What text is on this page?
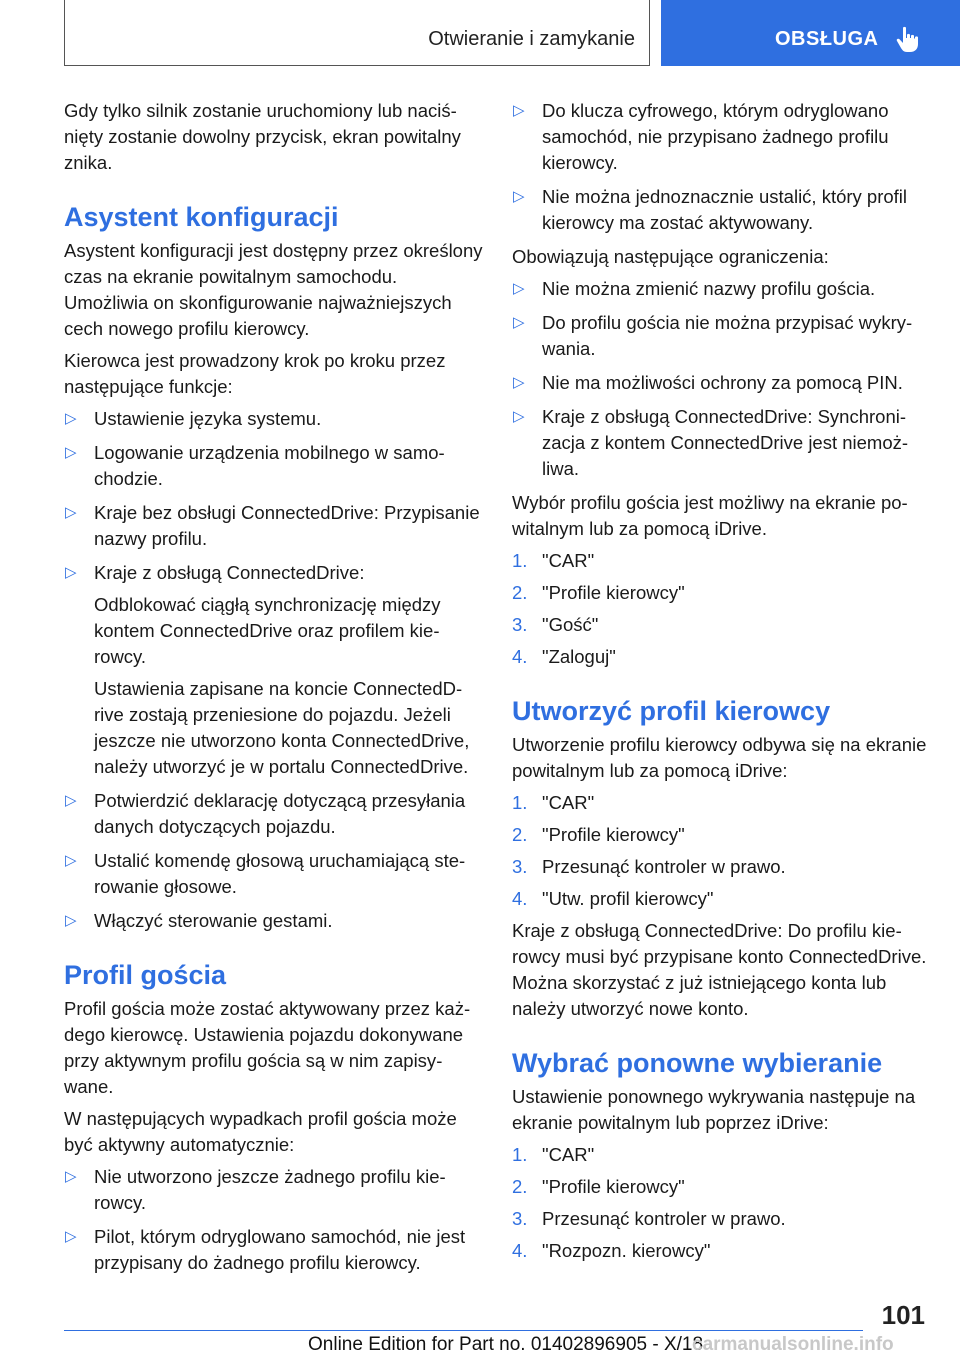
Otwieranie i zamykanie	OBSŁUGA

Gdy tylko silnik zostanie uruchomiony lub naciśnięty zostanie dowolny przycisk, ekran powitalny znika.

Asystent konfiguracji

Asystent konfiguracji jest dostępny przez określony czas na ekranie powitalnym samochodu. Umożliwia on skonfigurowanie najważniejszych cech nowego profilu kierowcy.

Kierowca jest prowadzony krok po kroku przez następujące funkcje:

▷ Ustawienie języka systemu.
▷ Logowanie urządzenia mobilnego w samochodzie.
▷ Kraje bez obsługi ConnectedDrive: Przypisanie nazwy profilu.
▷ Kraje z obsługą ConnectedDrive:
Odblokować ciągłą synchronizację między kontem ConnectedDrive oraz profilem kierowcy.
Ustawienia zapisane na koncie ConnectedDrive zostają przeniesione do pojazdu. Jeżeli jeszcze nie utworzono konta ConnectedDrive, należy utworzyć je w portalu ConnectedDrive.
▷ Potwierdzić deklarację dotyczącą przesyłania danych dotyczących pojazdu.
▷ Ustalić komendę głosową uruchamiającą sterowanie głosowe.
▷ Włączyć sterowanie gestami.
Profil gościa

Profil gościa może zostać aktywowany przez każdego kierowcę. Ustawienia pojazdu dokonywane przy aktywnym profilu gościa są w nim zapisywane.

W następujących wypadkach profil gościa może być aktywny automatycznie:

▷ Nie utworzono jeszcze żadnego profilu kierowcy.
▷ Pilot, którym odryglowano samochód, nie jest przypisany do żadnego profilu kierowcy.
▷ Do klucza cyfrowego, którym odryglowano samochód, nie przypisano żadnego profilu kierowcy.
▷ Nie można jednoznacznie ustalić, który profil kierowcy ma zostać aktywowany.

Obowiązują następujące ograniczenia:

▷ Nie można zmienić nazwy profilu gościa.
▷ Do profilu gościa nie można przypisać wykrywania.
▷ Nie ma możliwości ochrony za pomocą PIN.
▷ Kraje z obsługą ConnectedDrive: Synchronizacja z kontem ConnectedDrive jest niemożliwa.

Wybór profilu gościa jest możliwy na ekranie powitalnym lub za pomocą iDrive.

1. "CAR"
2. "Profile kierowcy"
3. "Gość"
4. "Zaloguj"
Utworzyć profil kierowcy

Utworzenie profilu kierowcy odbywa się na ekranie powitalnym lub za pomocą iDrive:

1. "CAR"
2. "Profile kierowcy"
3. Przesunąć kontroler w prawo.
4. "Utw. profil kierowcy"

Kraje z obsługą ConnectedDrive: Do profilu kierowcy musi być przypisane konto ConnectedDrive. Można skorzystać z już istniejącego konta lub należy utworzyć nowe konto.

Wybrać ponowne wybieranie

Ustawienie ponownego wykrywania następuje na ekranie powitalnym lub poprzez iDrive:

1. "CAR"
2. "Profile kierowcy"
3. Przesunąć kontroler w prawo.
4. "Rozpozn. kierowcy"
101
Online Edition for Part no. 01402896905 - X/18
carmanualsonline.info
